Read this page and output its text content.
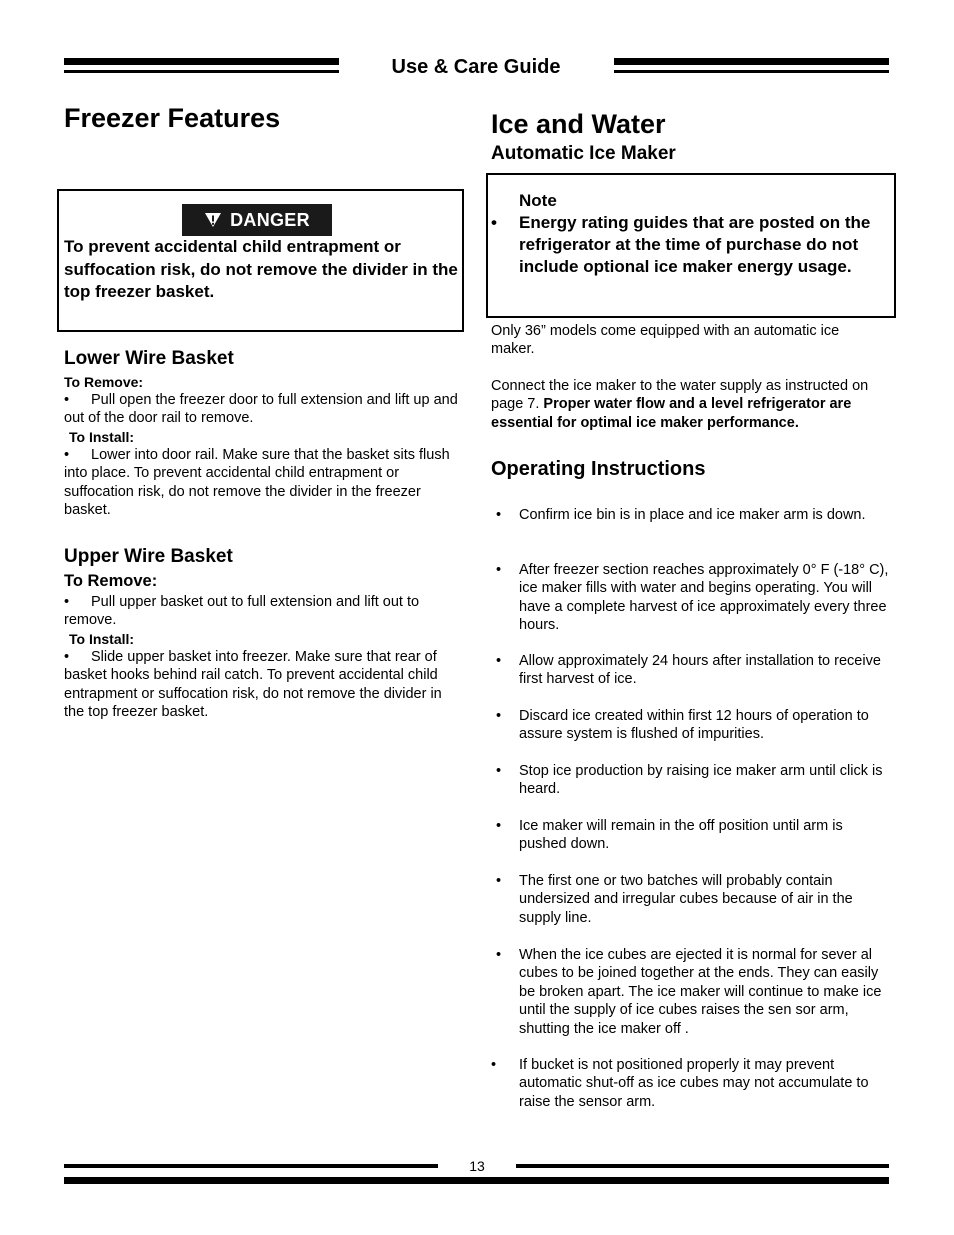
Use & Care Guide
Freezer Features
DANGER
To prevent accidental child entrapment or suffocation risk, do not remove the divider in the top freezer basket.
Lower Wire Basket
To Remove:
• Pull open the freezer door to full extension and lift up and out of the door rail to remove.
To Install:
• Lower into door rail. Make sure that the basket sits flush into place. To prevent accidental child entrapment or suffocation risk, do not remove the divider in the freezer basket.
Upper Wire Basket
To Remove:
• Pull upper basket out to full extension and lift out to remove.
To Install:
• Slide upper basket into freezer. Make sure that rear of basket hooks behind rail catch. To prevent accidental child entrapment or suffocation risk, do not remove the divider in the top freezer basket.
Ice and Water
Automatic Ice Maker
Note
• Energy rating guides that are posted on the refrigerator at the time of purchase do not include optional ice maker energy usage.
Only 36” models come equipped with an automatic ice maker.
Connect the ice maker to the water supply as instructed on page 7. Proper water flow and a level refrigerator are essential for optimal ice maker performance.
Operating Instructions
• Confirm ice bin is in place and ice maker arm is down.
• After freezer section reaches approximately 0° F (-18° C), ice maker fills with water and begins operating. You will have a complete harvest of ice approximately every three hours.
• Allow approximately 24 hours after installation to receive first harvest of ice.
• Discard ice created within first 12 hours of operation to assure system is flushed of impurities.
• Stop ice production by raising ice maker arm until click is heard.
• Ice maker will remain in the off position until arm is pushed down.
• The first one or two batches will probably contain undersized and irregular cubes because of air in the supply line.
• When the ice cubes are ejected it is normal for sever al cubes to be joined together at the ends. They can easily be broken apart. The ice maker will continue to make ice until the supply of ice cubes raises the sen sor arm, shutting the ice maker off .
• If bucket is not positioned properly it may prevent automatic shut-off as ice cubes may not accumulate to raise the sensor arm.
13
